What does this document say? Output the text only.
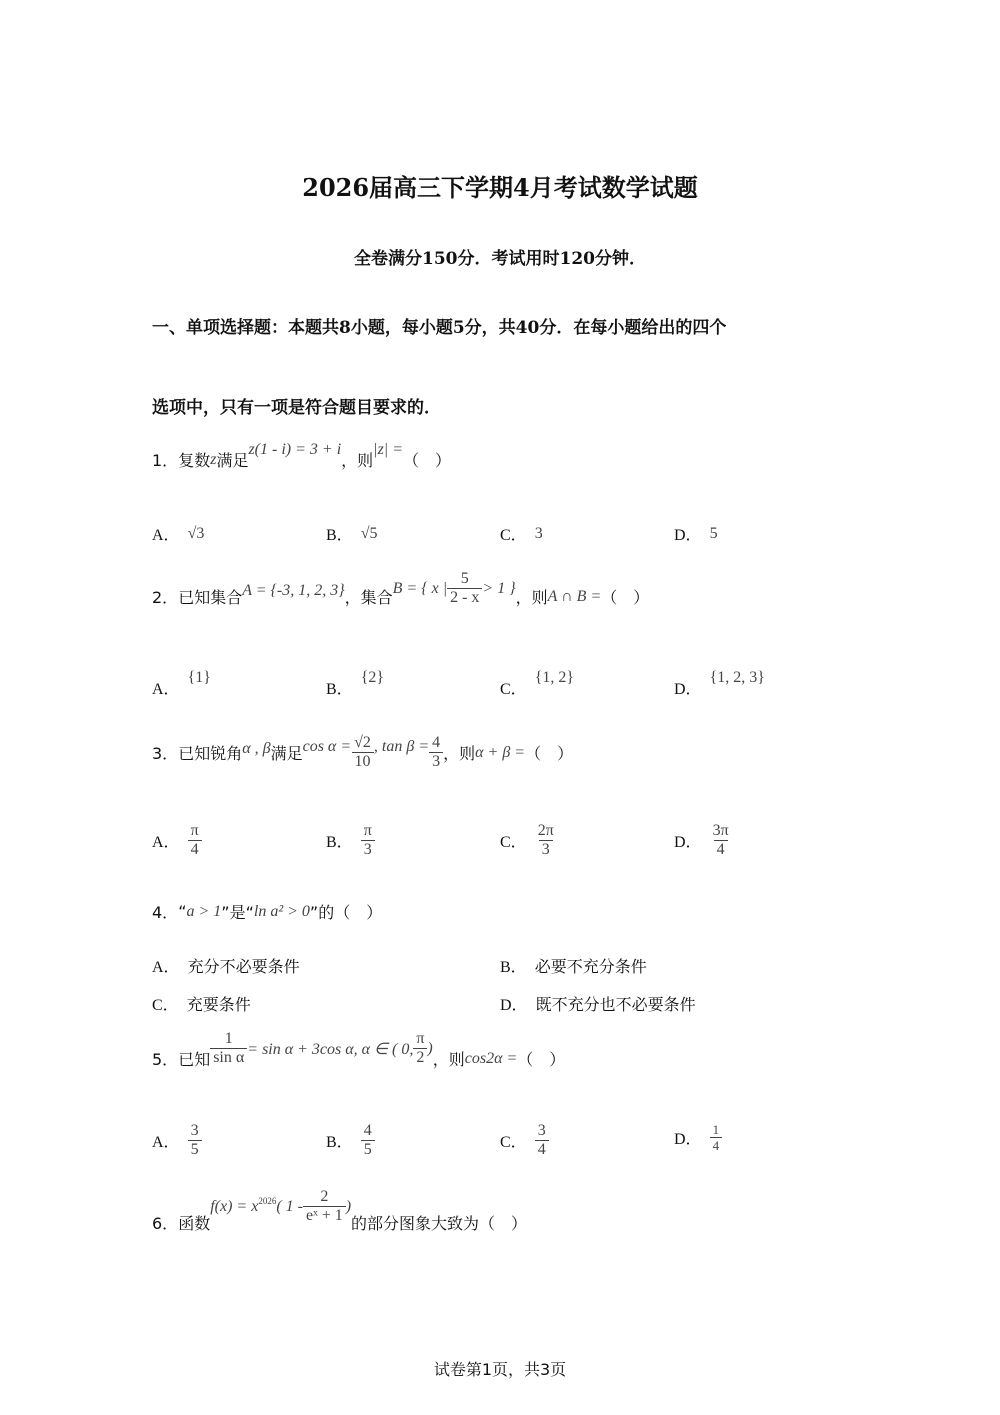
2026届高三下学期4月考试数学试题
全卷满分150分．考试用时120分钟．
一、单项选择题：本题共8小题，每小题5分，共40分．在每小题给出的四个
选项中，只有一项是符合题目要求的．
1． 复数 z 满足
z(1 - i) = 3 + i
，则
|z| =
（　）
A． √3	B． √5	C． 3	D． 5
2． 已知集合 A = {-3, 1, 2, 3} ，集合 B = { x | $\frac{5}{2 - x} > 1$ } ，则 A ∩ B = （　）
A．
{1}
B．
{2}
C．
{1, 2}
D．
{1, 2, 3}
3． 已知锐角 α , β 满足 $\cos \alpha = \frac{√2}{10}$ , $\tan \beta = \frac{4}{3}$ ，则 α + β = （　）
A． $\frac{\pi}{4}$	B． $\frac{\pi}{3}$	C． $\frac{2\pi}{3}$	D． $\frac{3\pi}{4}$
4． “ a > 1 ”是“ ln a² > 0 ”的（　）
A． 充分不必要条件	B． 必要不充分条件
C． 充要条件	D． 既不充分也不必要条件
5． 已知 $\frac{1}{\text{sin α}} = \sin \alpha + 3\cos$ α, α ∈ ( 0, $\frac{\pi}{2}$ )
，则 cos2α = （　）
A． $\frac{3}{5}$	B． $\frac{4}{5}$	C． $\frac{3}{4}$	D． $\frac{1}{4}$
6． 函数
$f(x) = x^{2026}$ ( $1 - \frac{2}{\text{eˣ + 1}}$ )
的部分图象大致为（　）
试卷第1页，共3页
